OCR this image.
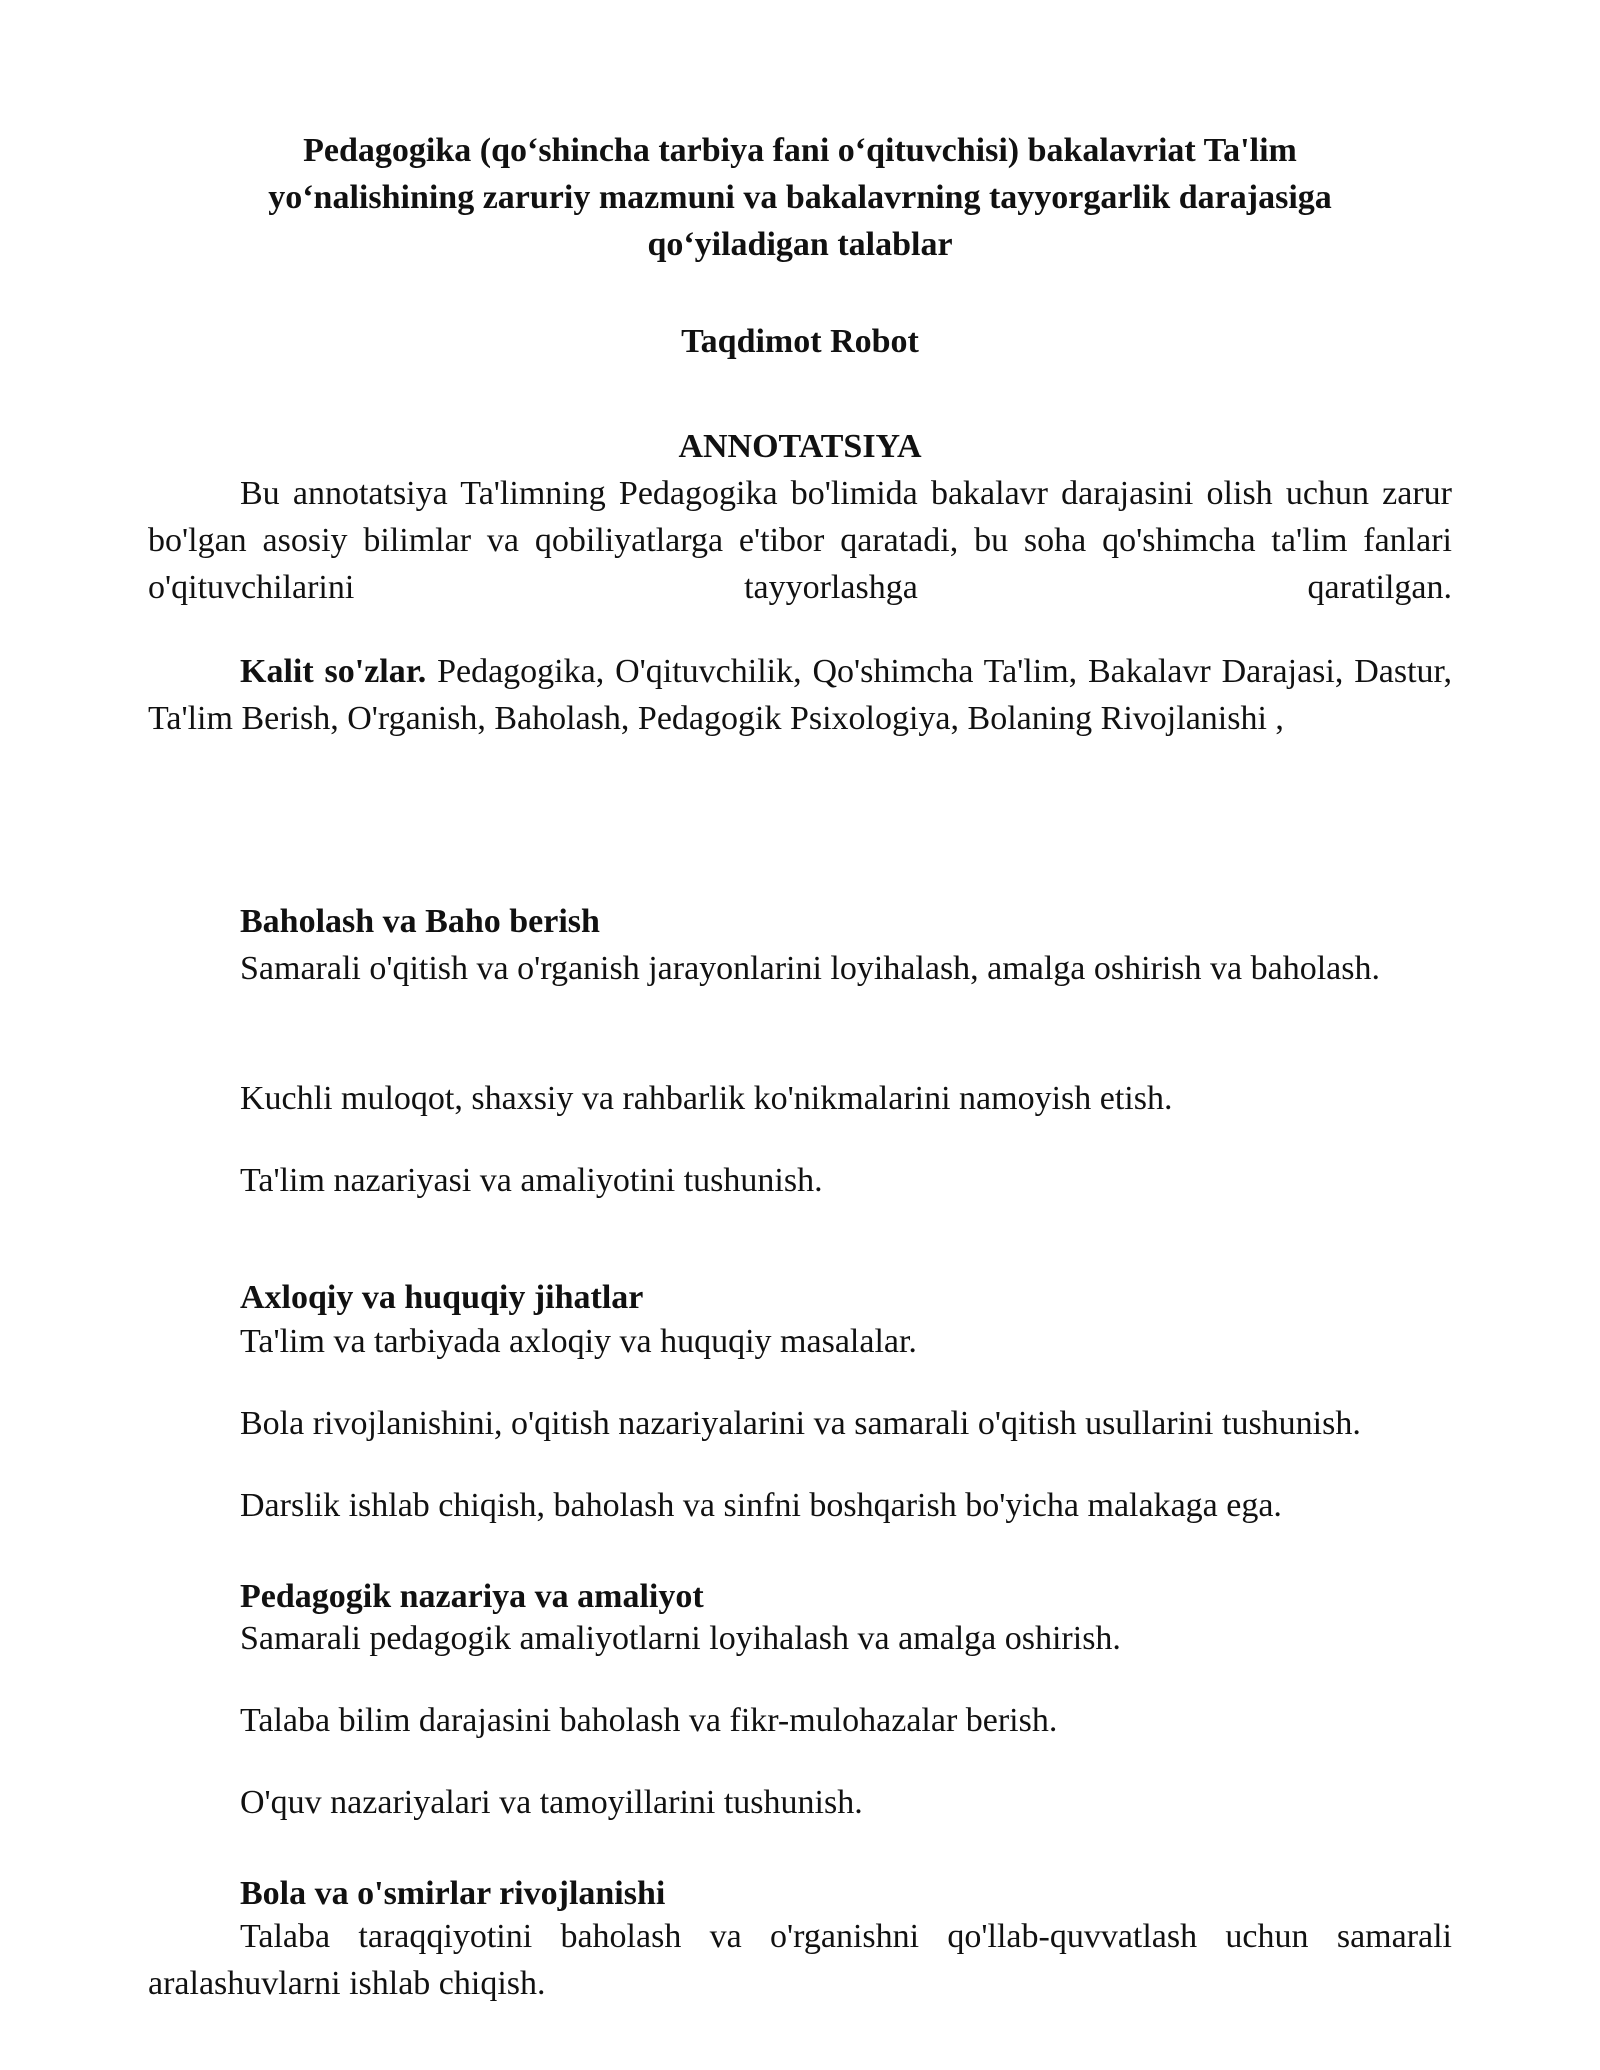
Pedagogika (qo‘shincha tarbiya fani o‘qituvchisi) bakalavriat Ta'lim
yo‘nalishining zaruriy mazmuni va bakalavrning tayyorgarlik darajasiga
qo‘yiladigan talablar
Taqdimot Robot
ANNOTATSIYA
Bu annotatsiya Ta'limning Pedagogika bo'limida bakalavr darajasini olish uchun zarur bo'lgan asosiy bilimlar va qobiliyatlarga e'tibor qaratadi, bu soha qo'shimcha ta'lim fanlari o'qituvchilarini tayyorlashga qaratilgan.
Kalit so'zlar. Pedagogika, O'qituvchilik, Qo'shimcha Ta'lim, Bakalavr Darajasi, Dastur, Ta'lim Berish, O'rganish, Baholash, Pedagogik Psixologiya, Bolaning Rivojlanishi ,
Baholash va Baho berish
Samarali o'qitish va o'rganish jarayonlarini loyihalash, amalga oshirish va baholash.
Kuchli muloqot, shaxsiy va rahbarlik ko'nikmalarini namoyish etish.
Ta'lim nazariyasi va amaliyotini tushunish.
Axloqiy va huquqiy jihatlar
Ta'lim va tarbiyada axloqiy va huquqiy masalalar.
Bola rivojlanishini, o'qitish nazariyalarini va samarali o'qitish usullarini tushunish.
Darslik ishlab chiqish, baholash va sinfni boshqarish bo'yicha malakaga ega.
Pedagogik nazariya va amaliyot
Samarali pedagogik amaliyotlarni loyihalash va amalga oshirish.
Talaba bilim darajasini baholash va fikr-mulohazalar berish.
O'quv nazariyalari va tamoyillarini tushunish.
Bola va o'smirlar rivojlanishi
Talaba taraqqiyotini baholash va o'rganishni qo'llab-quvvatlash uchun samarali aralashuvlarni ishlab chiqish.
